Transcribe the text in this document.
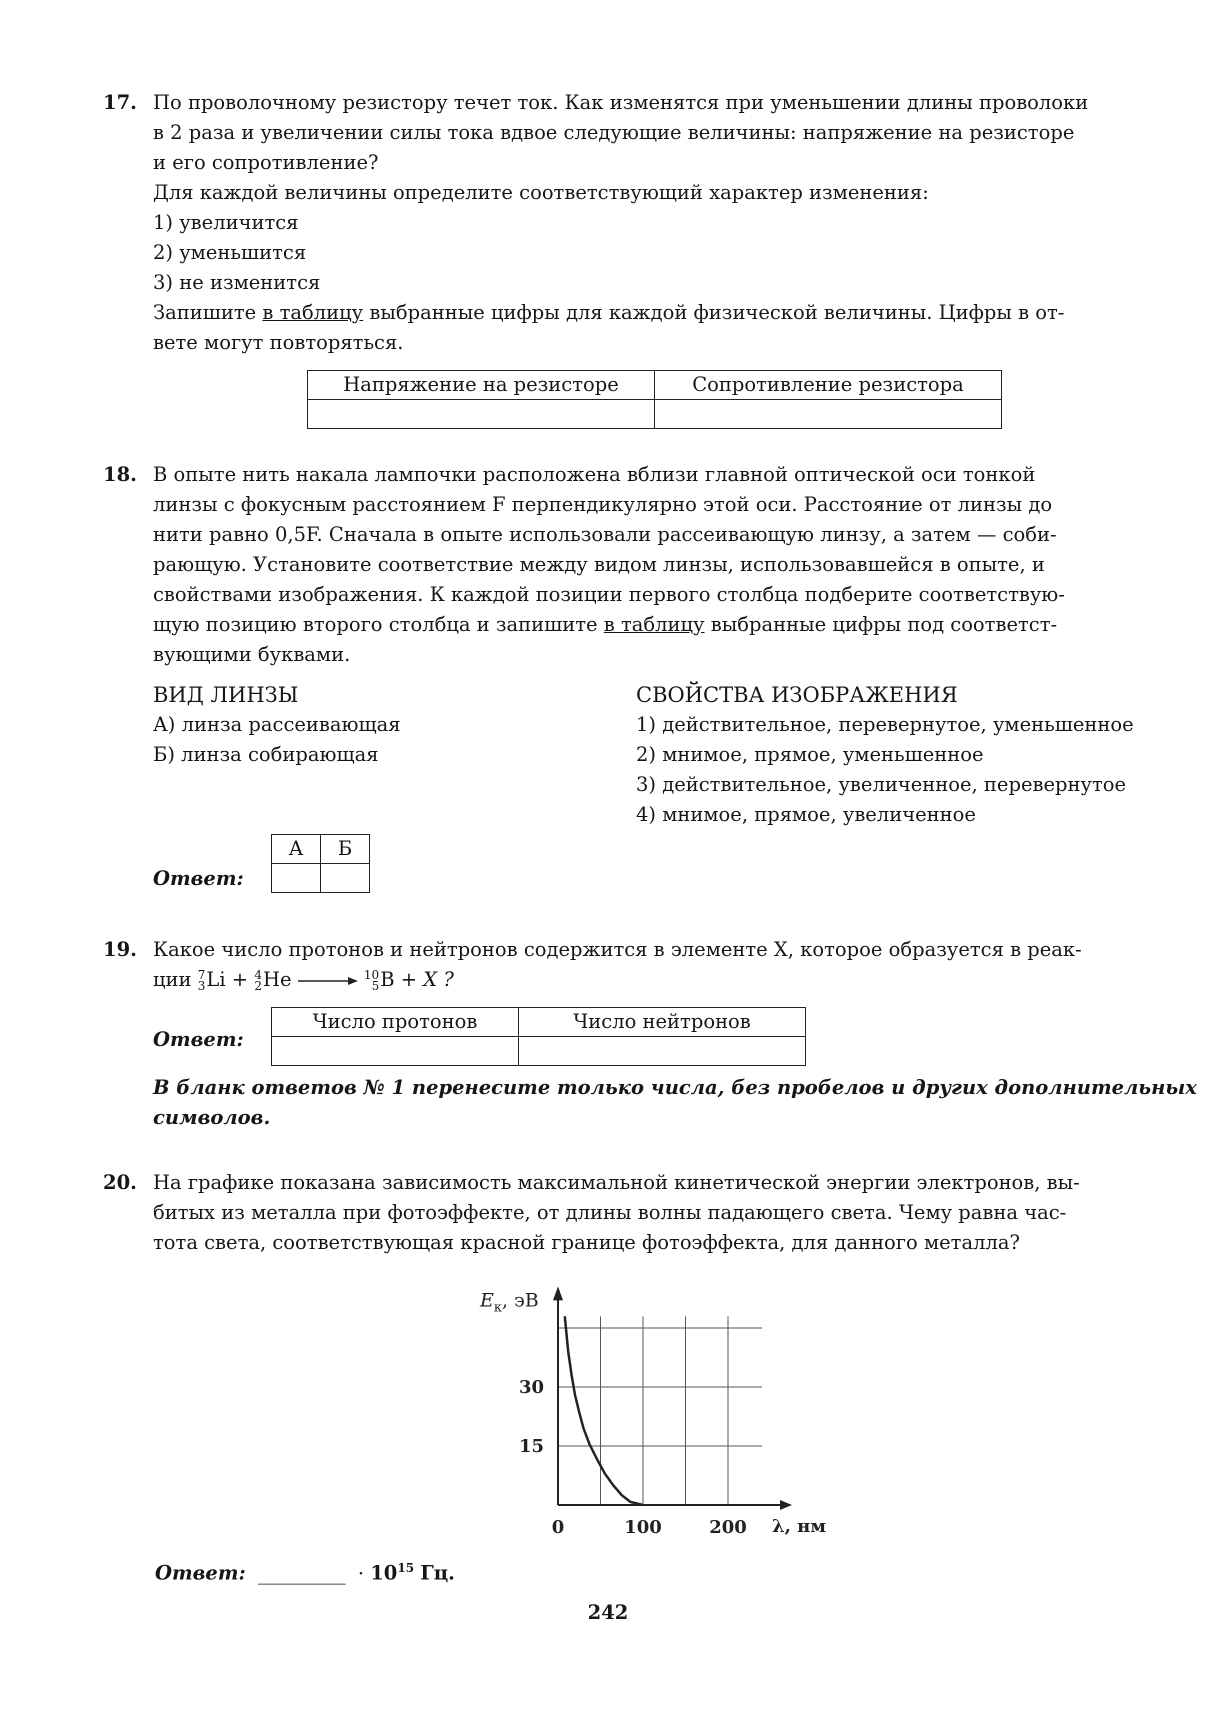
17. По проволочному резистору течет ток. Как изменятся при уменьшении длины проволоки
в 2 раза и увеличении силы тока вдвое следующие величины: напряжение на резисторе
и его сопротивление?
Для каждой величины определите соответствующий характер изменения:
1) увеличится
2) уменьшится
3) не изменится
Запишите в таблицу выбранные цифры для каждой физической величины. Цифры в от-
вете могут повторяться.
Напряжение на резисторе	Сопротивление резистора

18. В опыте нить накала лампочки расположена вблизи главной оптической оси тонкой
линзы с фокусным расстоянием F перпендикулярно этой оси. Расстояние от линзы до
нити равно 0,5F. Сначала в опыте использовали рассеивающую линзу, а затем — соби-
рающую. Установите соответствие между видом линзы, использовавшейся в опыте, и
свойствами изображения. К каждой позиции первого столбца подберите соответствую-
щую позицию второго столбца и запишите в таблицу выбранные цифры под соответст-
вующими буквами.
ВИД ЛИНЗЫ
А) линза рассеивающая
Б) линза собирающая
СВОЙСТВА ИЗОБРАЖЕНИЯ
1) действительное, перевернутое, уменьшенное
2) мнимое, прямое, уменьшенное
3) действительное, увеличенное, перевернутое
4) мнимое, прямое, увеличенное
Ответ:
А	Б

19. Какое число протонов и нейтронов содержится в элементе X, которое образуется в реак-
ции 7
3Li + 4
2He → 10
5B + X ?
Ответ:
Число протонов	Число нейтронов

В бланк ответов № 1 перенесите только числа, без пробелов и других дополнительных
символов.
20. На графике показана зависимость максимальной кинетической энергии электронов, вы-
битых из металла при фотоэффекте, от длины волны падающего света. Чему равна час-
тота света, соответствующая красной границе фотоэффекта, для данного металла?
0	100	200
15
30
$E_к$, эВ
λ, нм
Ответ: _________ · $10^{15}$ Гц.
242
